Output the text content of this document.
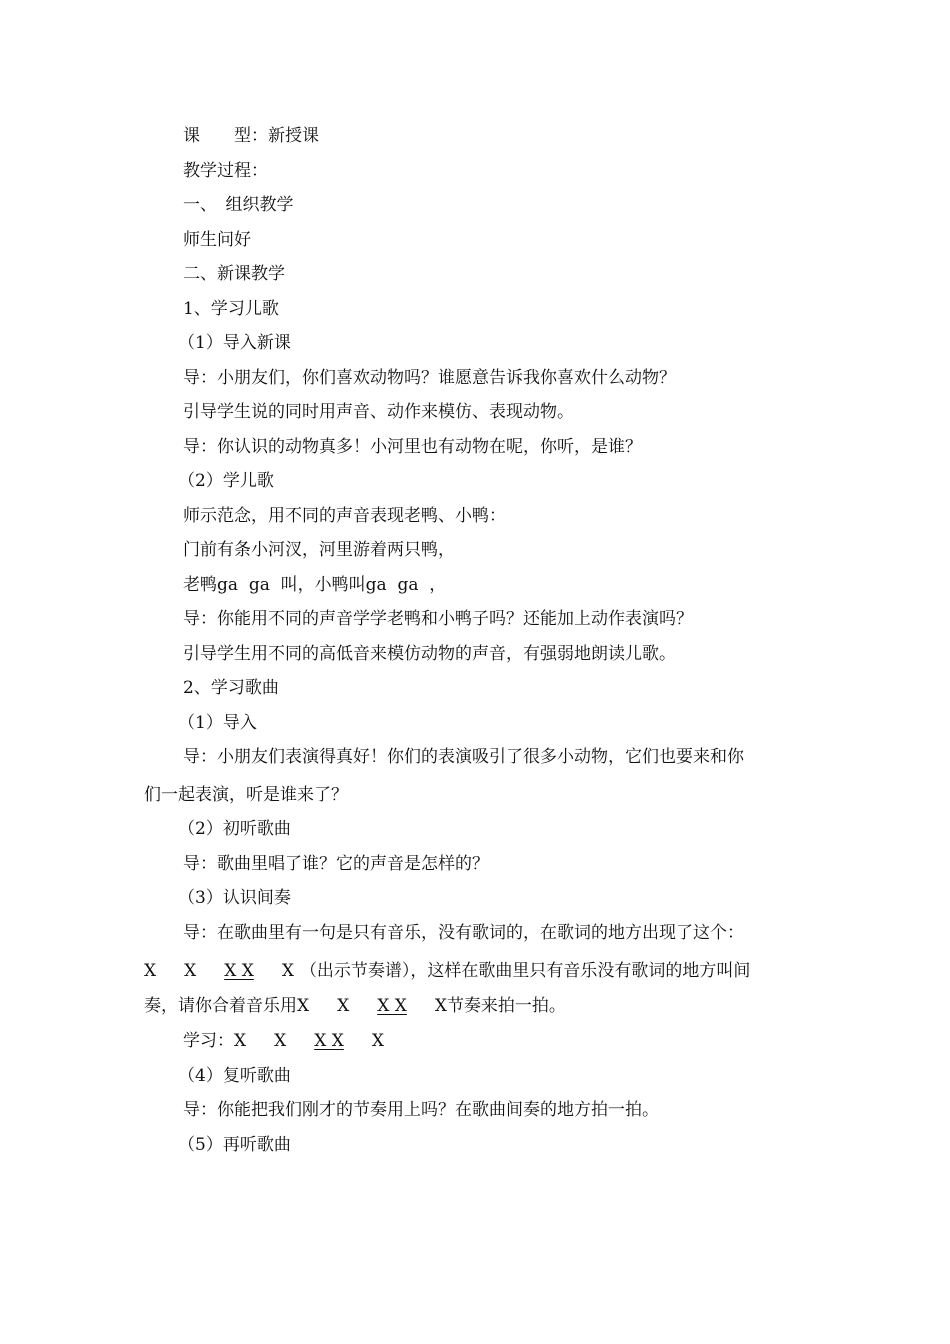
课　　型：新授课
教学过程：
一、　组织教学
师生问好
二、新课教学
1、学习儿歌
（1）导入新课
导：小朋友们，你们喜欢动物吗？谁愿意告诉我你喜欢什么动物？
引导学生说的同时用声音、动作来模仿、表现动物。
导：你认识的动物真多！小河里也有动物在呢，你听，是谁？
（2）学儿歌
师示范念，用不同的声音表现老鸭、小鸭：
门前有条小河汊，河里游着两只鸭，
老鸭ga  ga  叫，小鸭叫ga  ga  ，
导：你能用不同的声音学学老鸭和小鸭子吗？还能加上动作表演吗？
引导学生用不同的高低音来模仿动物的声音，有强弱地朗读儿歌。
2、学习歌曲
（1）导入
导：小朋友们表演得真好！你们的表演吸引了很多小动物，它们也要来和你
们一起表演，听是谁来了？
（2）初听歌曲
导：歌曲里唱了谁？它的声音是怎样的？
（3）认识间奏
导：在歌曲里有一句是只有音乐，没有歌词的，在歌词的地方出现了这个：
X X X X X （出示节奏谱），这样在歌曲里只有音乐没有歌词的地方叫间
奏，请你合着音乐用X X X X X节奏来拍一拍。
学习：X X X X X
（4）复听歌曲
导：你能把我们刚才的节奏用上吗？在歌曲间奏的地方拍一拍。
（5）再听歌曲
